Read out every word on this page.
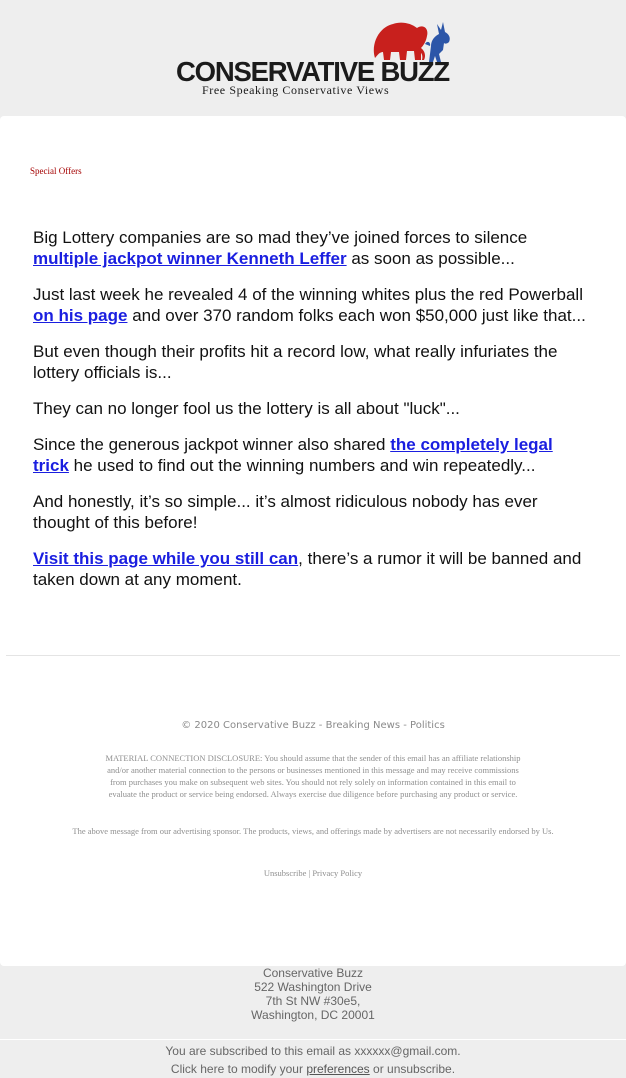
CONSERVATIVE BUZZ
Free Speaking Conservative Views
Special Offers

Big Lottery companies are so mad they’ve joined forces to silence multiple jackpot winner Kenneth Leffer as soon as possible...

Just last week he revealed 4 of the winning whites plus the red Powerball on his page and over 370 random folks each won $50,000 just like that...

But even though their profits hit a record low, what really infuriates the lottery officials is...

They can no longer fool us the lottery is all about "luck"...

Since the generous jackpot winner also shared the completely legal trick he used to find out the winning numbers and win repeatedly...

And honestly, it’s so simple... it’s almost ridiculous nobody has ever thought of this before!

Visit this page while you still can, there’s a rumor it will be banned and taken down at any moment.

© 2020 Conservative Buzz - Breaking News - Politics
MATERIAL CONNECTION DISCLOSURE: You should assume that the sender of this email has an affiliate relationship and/or another material connection to the persons or businesses mentioned in this message and may receive commissions from purchases you make on subsequent web sites. You should not rely solely on information contained in this email to evaluate the product or service being endorsed. Always exercise due diligence before purchasing any product or service.
The above message from our advertising sponsor. The products, views, and offerings made by advertisers are not necessarily endorsed by Us.
Unsubscribe | Privacy Policy
Conservative Buzz
522 Washington Drive
7th St NW #30e5,
Washington, DC 20001
You are subscribed to this email as xxxxxx@gmail.com.
Click here to modify your preferences or unsubscribe.
